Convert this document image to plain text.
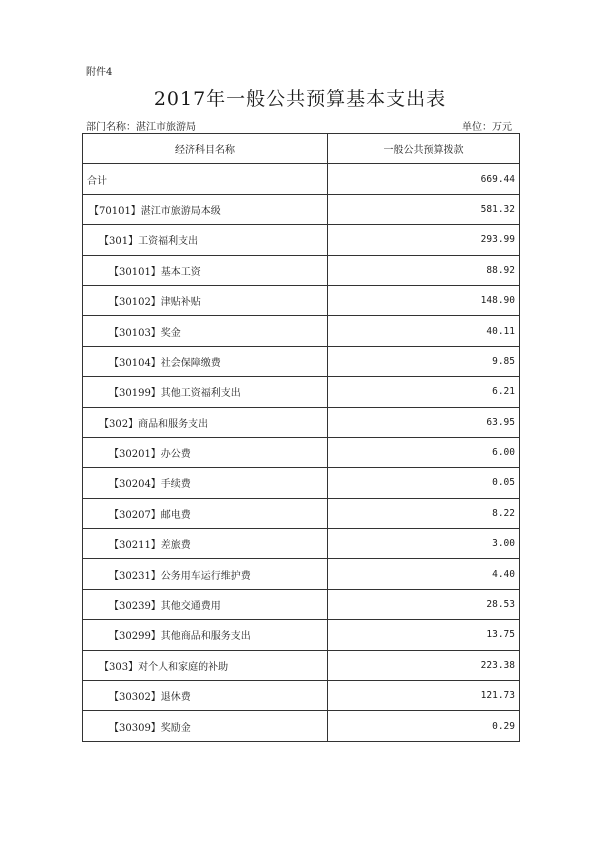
附件4
2017年一般公共预算基本支出表
部门名称：湛江市旅游局	单位：万元
经济科目名称	一般公共预算拨款
合计	669.44
【70101】湛江市旅游局本级	581.32
【301】工资福利支出	293.99
【30101】基本工资	88.92
【30102】津贴补贴	148.90
【30103】奖金	40.11
【30104】社会保障缴费	9.85
【30199】其他工资福利支出	6.21
【302】商品和服务支出	63.95
【30201】办公费	6.00
【30204】手续费	0.05
【30207】邮电费	8.22
【30211】差旅费	3.00
【30231】公务用车运行维护费	4.40
【30239】其他交通费用	28.53
【30299】其他商品和服务支出	13.75
【303】对个人和家庭的补助	223.38
【30302】退休费	121.73
【30309】奖励金	0.29
